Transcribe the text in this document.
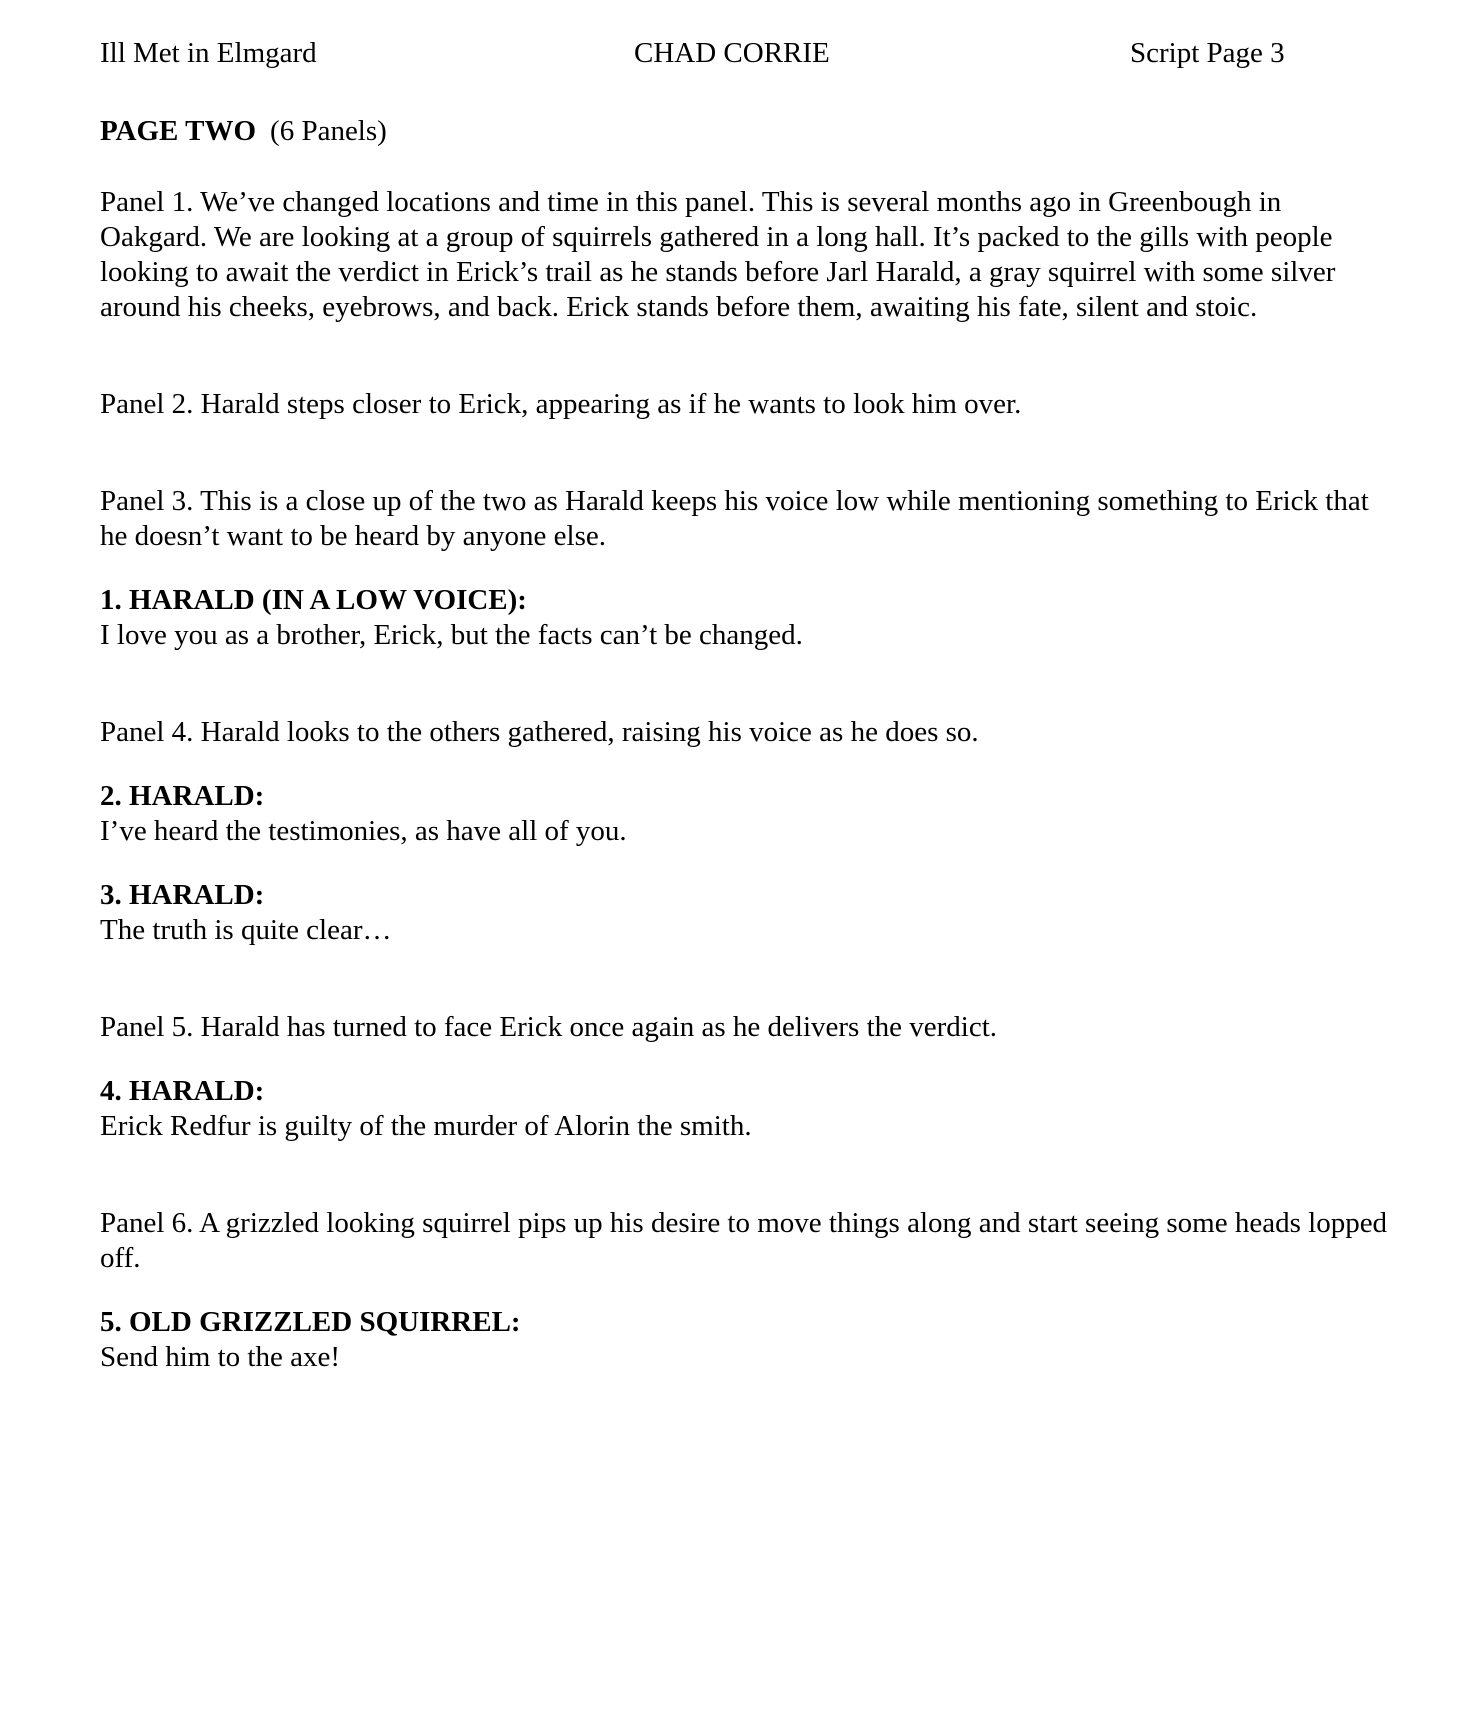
Ill Met in Elmgard	CHAD CORRIE	Script Page 3
PAGE TWO (6 Panels)

Panel 1. We’ve changed locations and time in this panel. This is several months ago in Greenbough in Oakgard. We are looking at a group of squirrels gathered in a long hall. It’s packed to the gills with people looking to await the verdict in Erick’s trail as he stands before Jarl Harald, a gray squirrel with some silver around his cheeks, eyebrows, and back. Erick stands before them, awaiting his fate, silent and stoic.

Panel 2. Harald steps closer to Erick, appearing as if he wants to look him over.

Panel 3. This is a close up of the two as Harald keeps his voice low while mentioning something to Erick that he doesn’t want to be heard by anyone else.

1. HARALD (IN A LOW VOICE):

I love you as a brother, Erick, but the facts can’t be changed.

Panel 4. Harald looks to the others gathered, raising his voice as he does so.

2. HARALD:

I’ve heard the testimonies, as have all of you.

3. HARALD:

The truth is quite clear…

Panel 5. Harald has turned to face Erick once again as he delivers the verdict.

4. HARALD:

Erick Redfur is guilty of the murder of Alorin the smith.

Panel 6. A grizzled looking squirrel pips up his desire to move things along and start seeing some heads lopped off.

5. OLD GRIZZLED SQUIRREL:

Send him to the axe!
